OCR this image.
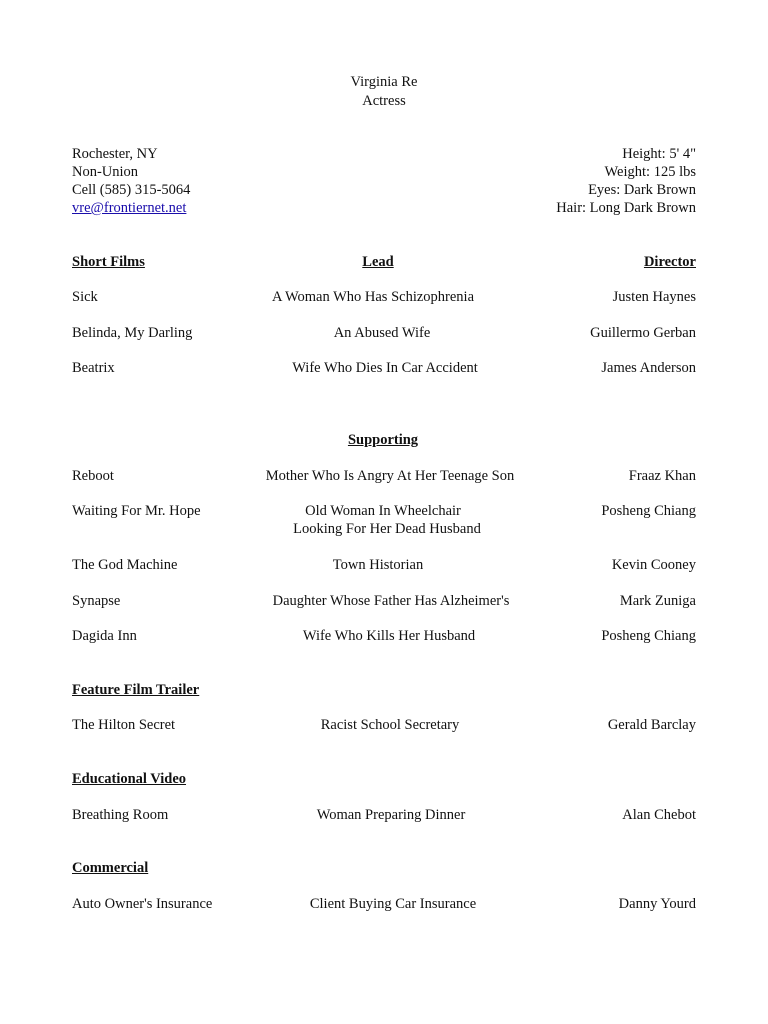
Virginia Re
Actress
Rochester, NY
Non-Union
Cell (585) 315-5064
vre@frontiernet.net
Height: 5' 4"
Weight: 125 lbs
Eyes: Dark Brown
Hair: Long Dark Brown
Short Films	Lead	Director
Sick	A Woman Who Has Schizophrenia	Justen Haynes
Belinda, My Darling	An Abused Wife	Guillermo Gerban
Beatrix	Wife Who Dies In Car Accident	James Anderson
Supporting
Reboot	Mother Who Is Angry At Her Teenage Son	Fraaz Khan
Waiting For Mr. Hope	Old Woman In Wheelchair	Posheng Chiang
Looking For Her Dead Husband
The God Machine	Town Historian	Kevin Cooney
Synapse	Daughter Whose Father Has Alzheimer's	Mark Zuniga
Dagida Inn	Wife Who Kills Her Husband	Posheng Chiang
Feature Film Trailer
The Hilton Secret	Racist School Secretary	Gerald Barclay
Educational Video
Breathing Room	Woman Preparing Dinner	Alan Chebot
Commercial
Auto Owner's Insurance	Client Buying Car Insurance	Danny Yourd
